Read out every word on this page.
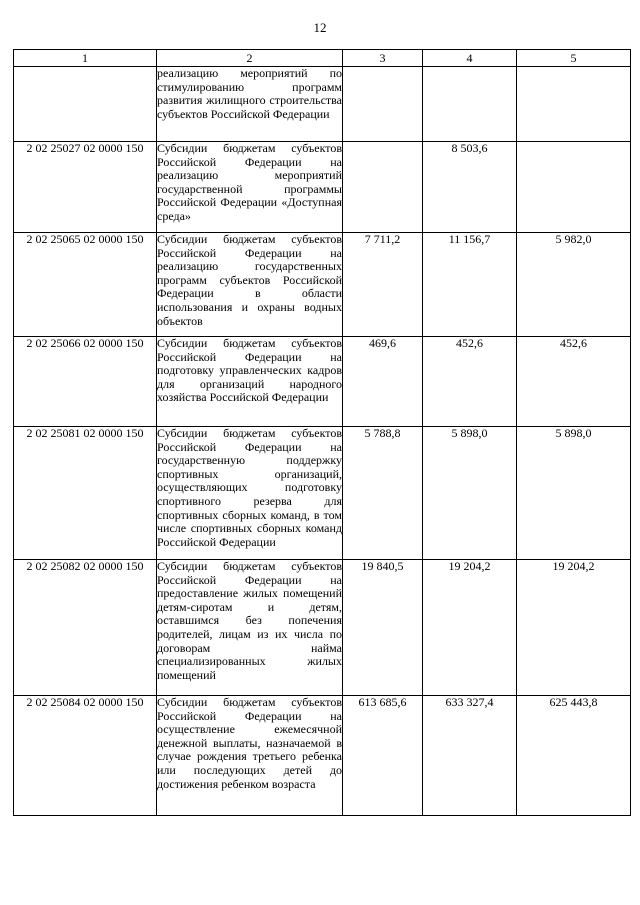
12
1	2	3	4	5
	реализацию мероприятий по стимулированию программ развития жилищного строительства субъектов Российской Федерации			
2 02 25027 02 0000 150	Субсидии бюджетам субъектов Российской Федерации на реализацию мероприятий государственной программы Российской Федерации «Доступная среда»		8 503,6	
2 02 25065 02 0000 150	Субсидии бюджетам субъектов Российской Федерации на реализацию государственных программ субъектов Российской Федерации в области использования и охраны водных объектов	7 711,2	11 156,7	5 982,0
2 02 25066 02 0000 150	Субсидии бюджетам субъектов Российской Федерации на подготовку управленческих кадров для организаций народного хозяйства Российской Федерации	469,6	452,6	452,6
2 02 25081 02 0000 150	Субсидии бюджетам субъектов Российской Федерации на государственную поддержку спортивных организаций, осуществляющих подготовку спортивного резерва для спортивных сборных команд, в том числе спортивных сборных команд Российской Федерации	5 788,8	5 898,0	5 898,0
2 02 25082 02 0000 150	Субсидии бюджетам субъектов Российской Федерации на предоставление жилых помещений детям-сиротам и детям, оставшимся без попечения родителей, лицам из их числа по договорам найма специализированных жилых помещений	19 840,5	19 204,2	19 204,2
2 02 25084 02 0000 150	Субсидии бюджетам субъектов Российской Федерации на осуществление ежемесячной денежной выплаты, назначаемой в случае рождения третьего ребенка или последующих детей до достижения ребенком возраста	613 685,6	633 327,4	625 443,8
